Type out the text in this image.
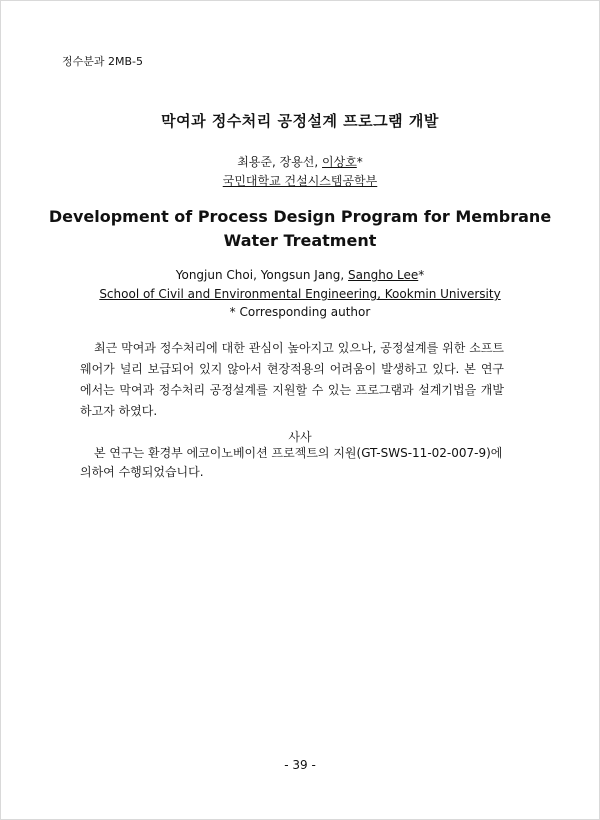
정수분과 2MB-5
막여과 정수처리 공정설계 프로그램 개발
최용준, 장용선, 이상호*
국민대학교 건설시스템공학부
Development of Process Design Program for Membrane
Water Treatment
Yongjun Choi, Yongsun Jang, Sangho Lee*
School of Civil and Environmental Engineering, Kookmin University
* Corresponding author
최근 막여과 정수처리에 대한 관심이 높아지고 있으나, 공정설계를 위한 소프트웨어가 널리 보급되어 있지 않아서 현장적용의 어려움이 발생하고 있다. 본 연구에서는 막여과 정수처리 공정설계를 지원할 수 있는 프로그램과 설계기법을 개발하고자 하였다.
사사
본 연구는 환경부 에코이노베이션 프로젝트의 지원(GT-SWS-11-02-007-9)에 의하여 수행되었습니다.
- 39 -
